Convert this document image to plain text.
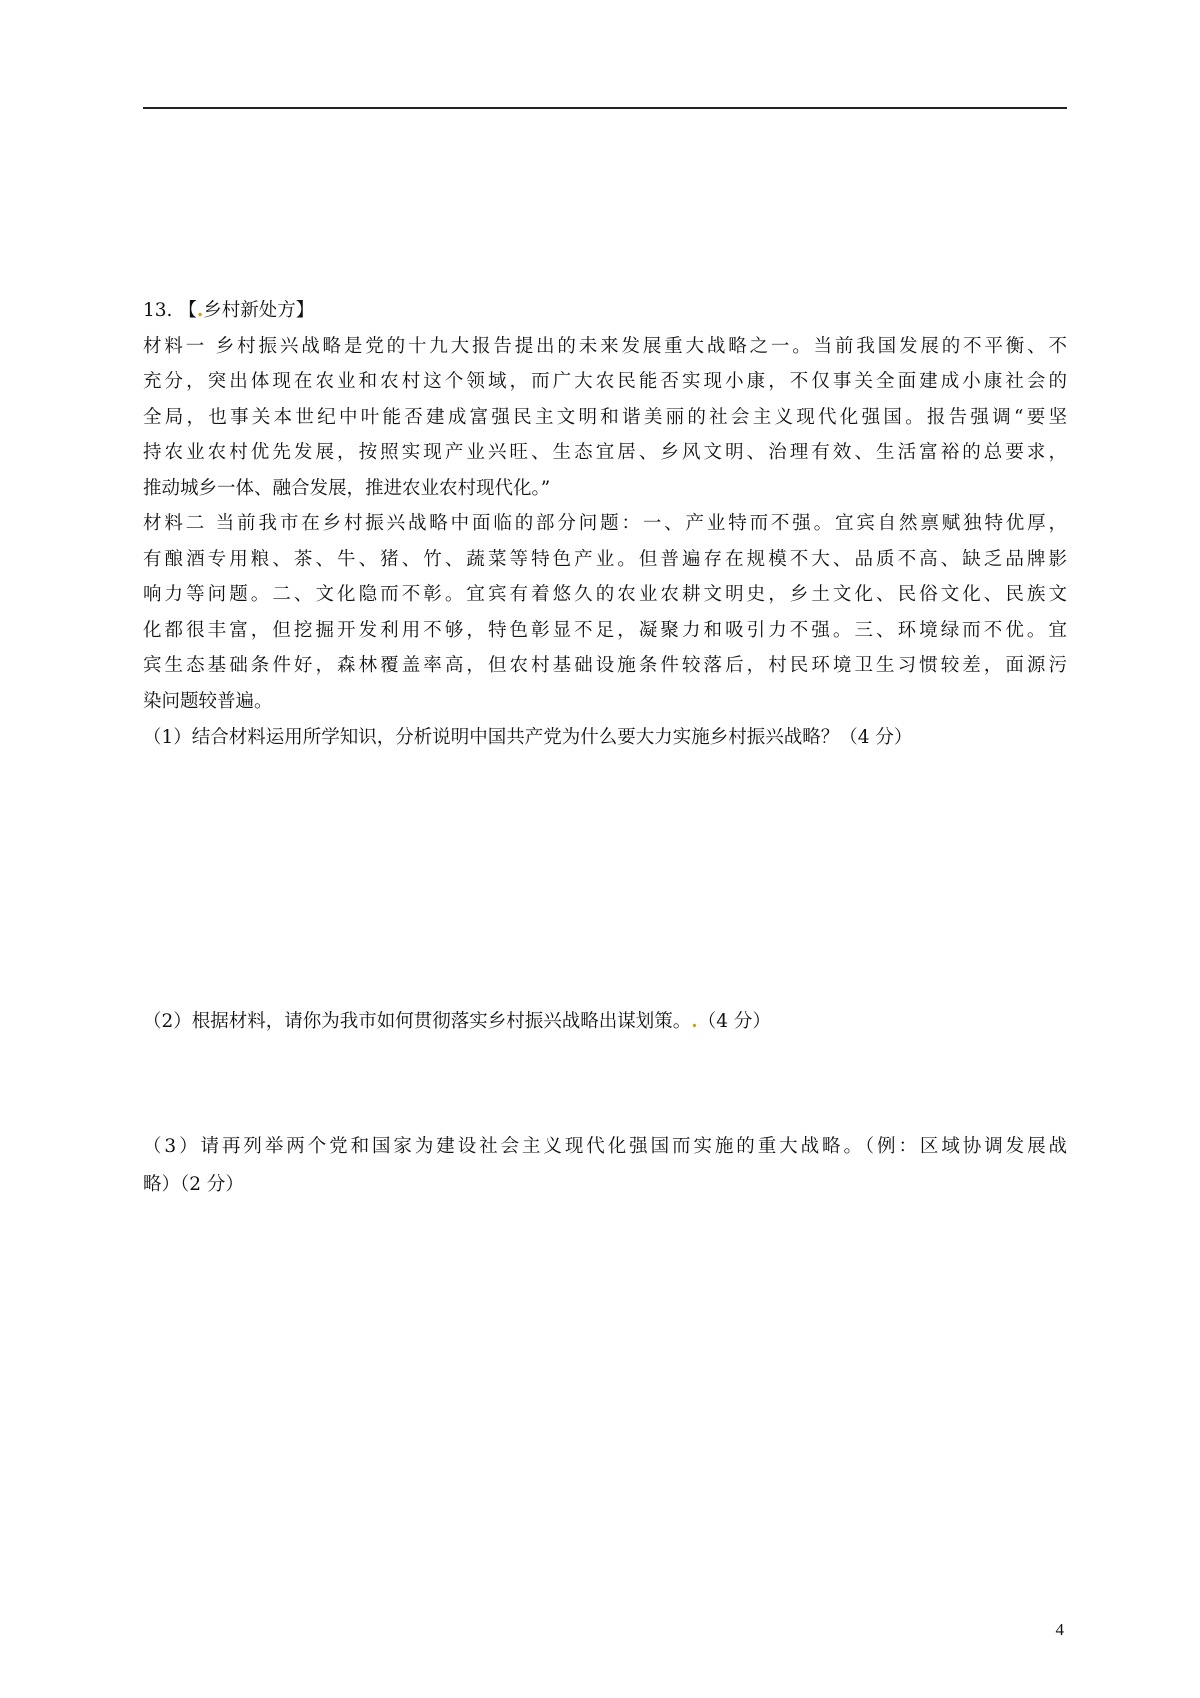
13. 【.乡村新处方】
材料一 乡村振兴战略是党的十九大报告提出的未来发展重大战略之一。当前我国发展的不平衡、不
充分，突出体现在农业和农村这个领域，而广大农民能否实现小康，不仅事关全面建成小康社会的
全局，也事关本世纪中叶能否建成富强民主文明和谐美丽的社会主义现代化强国。报告强调“要坚
持农业农村优先发展，按照实现产业兴旺、生态宜居、乡风文明、治理有效、生活富裕的总要求，
推动城乡一体、融合发展，推进农业农村现代化。”
材料二 当前我市在乡村振兴战略中面临的部分问题：一、产业特而不强。宜宾自然禀赋独特优厚，
有酿酒专用粮、茶、牛、猪、竹、蔬菜等特色产业。但普遍存在规模不大、品质不高、缺乏品牌影
响力等问题。二、文化隐而不彰。宜宾有着悠久的农业农耕文明史，乡土文化、民俗文化、民族文
化都很丰富，但挖掘开发利用不够，特色彰显不足，凝聚力和吸引力不强。三、环境绿而不优。宜
宾生态基础条件好，森林覆盖率高，但农村基础设施条件较落后，村民环境卫生习惯较差，面源污
染问题较普遍。
（1）结合材料运用所学知识，分析说明中国共产党为什么要大力实施乡村振兴战略？（4 分）
（2）根据材料，请你为我市如何贯彻落实乡村振兴战略出谋划策。.（4 分）
（3）请再列举两个党和国家为建设社会主义现代化强国而实施的重大战略。（例：区域协调发展战
略）（2 分）
4
